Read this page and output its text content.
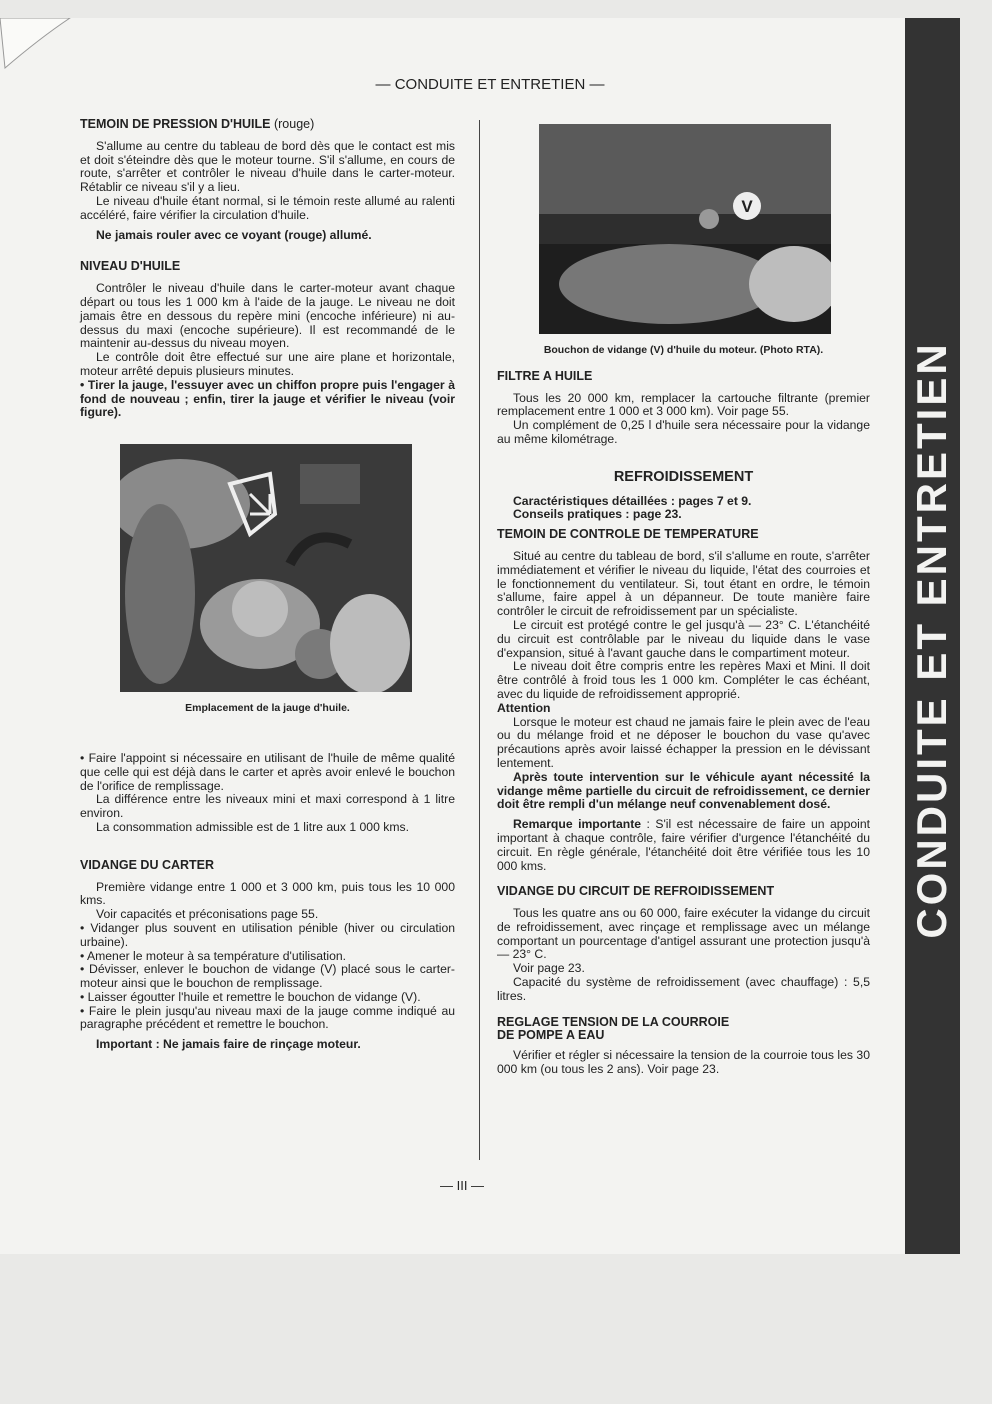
CONDUITE ET ENTRETIEN
— CONDUITE ET ENTRETIEN —
TEMOIN DE PRESSION D'HUILE (rouge)

S'allume au centre du tableau de bord dès que le contact est mis et doit s'éteindre dès que le moteur tourne. S'il s'allume, en cours de route, s'arrêter et contrôler le niveau d'huile dans le carter-moteur. Rétablir ce niveau s'il y a lieu.

Le niveau d'huile étant normal, si le témoin reste allumé au ralenti accéléré, faire vérifier la circulation d'huile.

Ne jamais rouler avec ce voyant (rouge) allumé.

NIVEAU D'HUILE

Contrôler le niveau d'huile dans le carter-moteur avant chaque départ ou tous les 1 000 km à l'aide de la jauge. Le niveau ne doit jamais être en dessous du repère mini (encoche inférieure) ni au-dessus du maxi (encoche supérieure). Il est recommandé de le maintenir au-dessus du niveau moyen.

Le contrôle doit être effectué sur une aire plane et horizontale, moteur arrêté depuis plusieurs minutes.

• Tirer la jauge, l'essuyer avec un chiffon propre puis l'engager à fond de nouveau ; enfin, tirer la jauge et vérifier le niveau (voir figure).

Emplacement de la jauge d'huile.

• Faire l'appoint si nécessaire en utilisant de l'huile de même qualité que celle qui est déjà dans le carter et après avoir enlevé le bouchon de l'orifice de remplissage.

La différence entre les niveaux mini et maxi correspond à 1 litre environ.

La consommation admissible est de 1 litre aux 1 000 kms.

VIDANGE DU CARTER

Première vidange entre 1 000 et 3 000 km, puis tous les 10 000 kms.

Voir capacités et préconisations page 55.

• Vidanger plus souvent en utilisation pénible (hiver ou circulation urbaine).

• Amener le moteur à sa température d'utilisation.

• Dévisser, enlever le bouchon de vidange (V) placé sous le carter-moteur ainsi que le bouchon de remplissage.

• Laisser égoutter l'huile et remettre le bouchon de vidange (V).

• Faire le plein jusqu'au niveau maxi de la jauge comme indiqué au paragraphe précédent et remettre le bouchon.

Important : Ne jamais faire de rinçage moteur.

V
Bouchon de vidange (V) d'huile du moteur. (Photo RTA).
FILTRE A HUILE

Tous les 20 000 km, remplacer la cartouche filtrante (premier remplacement entre 1 000 et 3 000 km). Voir page 55.

Un complément de 0,25 l d'huile sera nécessaire pour la vidange au même kilométrage.

REFROIDISSEMENT

Caractéristiques détaillées : pages 7 et 9.

Conseils pratiques : page 23.

TEMOIN DE CONTROLE DE TEMPERATURE

Situé au centre du tableau de bord, s'il s'allume en route, s'arrêter immédiatement et vérifier le niveau du liquide, l'état des courroies et le fonctionnement du ventilateur. Si, tout étant en ordre, le témoin s'allume, faire appel à un dépanneur. De toute manière faire contrôler le circuit de refroidissement par un spécialiste.

Le circuit est protégé contre le gel jusqu'à — 23° C. L'étanchéité du circuit est contrôlable par le niveau du liquide dans le vase d'expansion, situé à l'avant gauche dans le compartiment moteur.

Le niveau doit être compris entre les repères Maxi et Mini. Il doit être contrôlé à froid tous les 1 000 km. Compléter le cas échéant, avec du liquide de refroidissement approprié.

Attention

Lorsque le moteur est chaud ne jamais faire le plein avec de l'eau ou du mélange froid et ne déposer le bouchon du vase qu'avec précautions après avoir laissé échapper la pression en le dévissant lentement.

Après toute intervention sur le véhicule ayant nécessité la vidange même partielle du circuit de refroidissement, ce dernier doit être rempli d'un mélange neuf convenablement dosé.

Remarque importante : S'il est nécessaire de faire un appoint important à chaque contrôle, faire vérifier d'urgence l'étanchéité du circuit. En règle générale, l'étanchéité doit être vérifiée tous les 10 000 kms.

VIDANGE DU CIRCUIT DE REFROIDISSEMENT

Tous les quatre ans ou 60 000, faire exécuter la vidange du circuit de refroidissement, avec rinçage et remplissage avec un mélange comportant un pourcentage d'antigel assurant une protection jusqu'à — 23° C.

Voir page 23.

Capacité du système de refroidissement (avec chauffage) : 5,5 litres.

REGLAGE TENSION DE LA COURROIE
DE POMPE A EAU

Vérifier et régler si nécessaire la tension de la courroie tous les 30 000 km (ou tous les 2 ans). Voir page 23.

— III —
